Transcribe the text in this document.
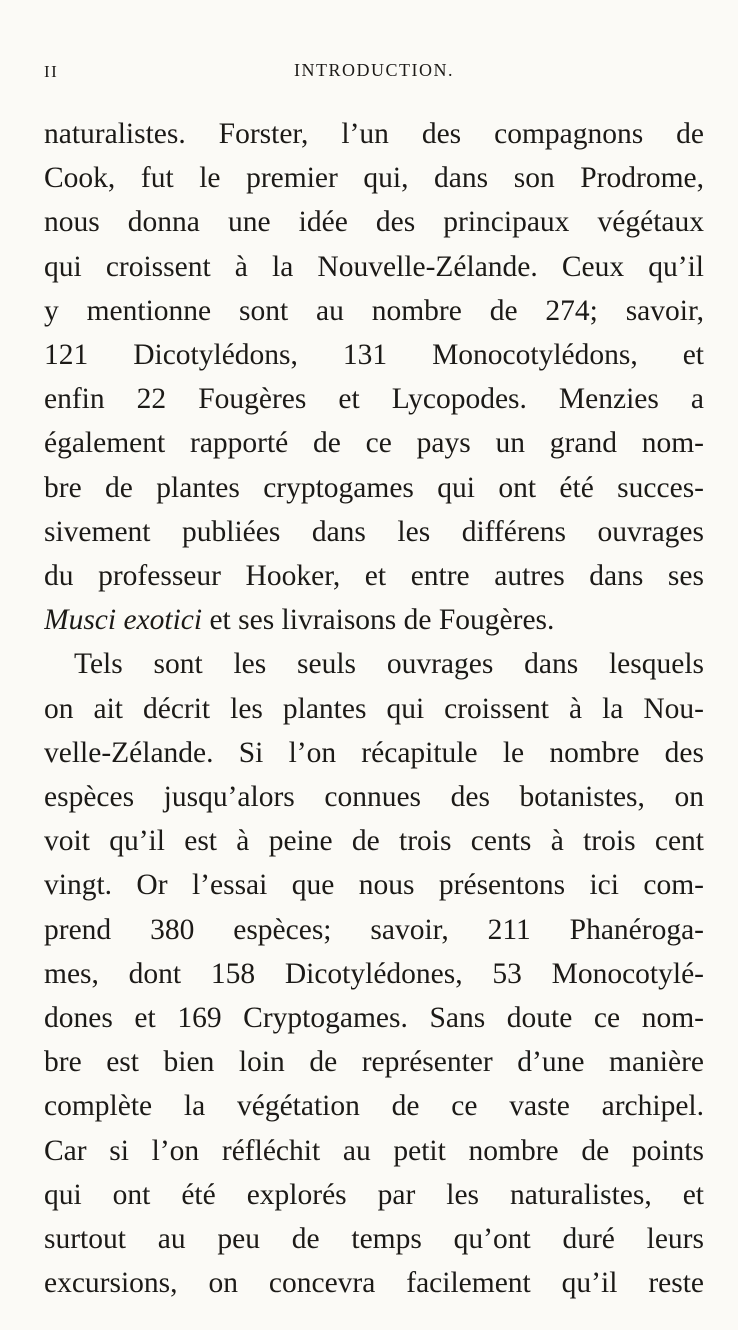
II	INTRODUCTION.
naturalistes. Forster, l’un des compagnons de
Cook, fut le premier qui, dans son Prodrome,
nous donna une idée des principaux végétaux
qui croissent à la Nouvelle-Zélande. Ceux qu’il
y mentionne sont au nombre de 274; savoir,
121 Dicotylédons, 131 Monocotylédons, et
enfin 22 Fougères et Lycopodes. Menzies a
également rapporté de ce pays un grand nom-
bre de plantes cryptogames qui ont été succes-
sivement publiées dans les différens ouvrages
du professeur Hooker, et entre autres dans ses
Musci exotici et ses livraisons de Fougères.
Tels sont les seuls ouvrages dans lesquels
on ait décrit les plantes qui croissent à la Nou-
velle-Zélande. Si l’on récapitule le nombre des
espèces jusqu’alors connues des botanistes, on
voit qu’il est à peine de trois cents à trois cent
vingt. Or l’essai que nous présentons ici com-
prend 380 espèces; savoir, 211 Phanéroga-
mes, dont 158 Dicotylédones, 53 Monocotylé-
dones et 169 Cryptogames. Sans doute ce nom-
bre est bien loin de représenter d’une manière
complète la végétation de ce vaste archipel.
Car si l’on réfléchit au petit nombre de points
qui ont été explorés par les naturalistes, et
surtout au peu de temps qu’ont duré leurs
excursions, on concevra facilement qu’il reste
